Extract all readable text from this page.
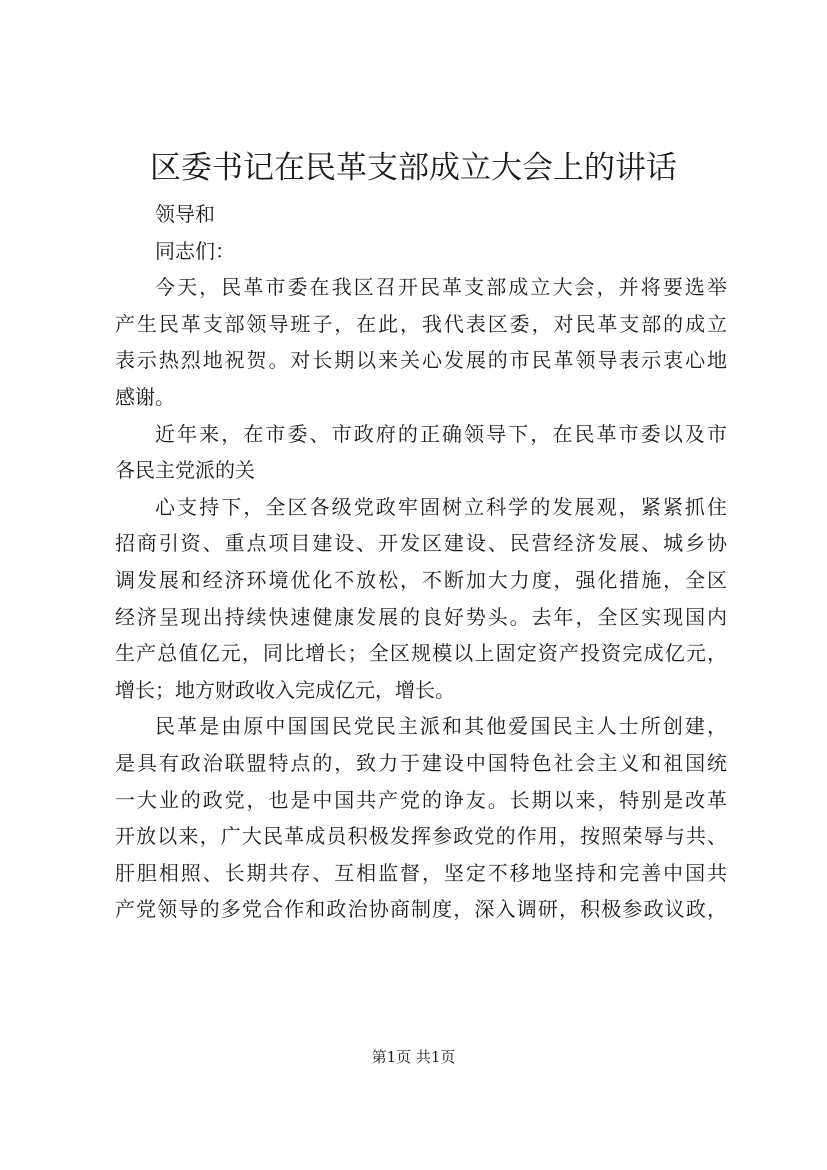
区委书记在民革支部成立大会上的讲话
领导和
同志们：
今天，民革市委在我区召开民革支部成立大会，并将要选举
产生民革支部领导班子，在此，我代表区委，对民革支部的成立
表示热烈地祝贺。对长期以来关心发展的市民革领导表示衷心地
感谢。
近年来，在市委、市政府的正确领导下，在民革市委以及市
各民主党派的关
心支持下，全区各级党政牢固树立科学的发展观，紧紧抓住
招商引资、重点项目建设、开发区建设、民营经济发展、城乡协
调发展和经济环境优化不放松，不断加大力度，强化措施，全区
经济呈现出持续快速健康发展的良好势头。去年，全区实现国内
生产总值亿元，同比增长；全区规模以上固定资产投资完成亿元，
增长；地方财政收入完成亿元，增长。
民革是由原中国国民党民主派和其他爱国民主人士所创建，
是具有政治联盟特点的，致力于建设中国特色社会主义和祖国统
一大业的政党，也是中国共产党的诤友。长期以来，特别是改革
开放以来，广大民革成员积极发挥参政党的作用，按照荣辱与共、
肝胆相照、长期共存、互相监督，坚定不移地坚持和完善中国共
产党领导的多党合作和政治协商制度，深入调研，积极参政议政，
第1页 共1页
